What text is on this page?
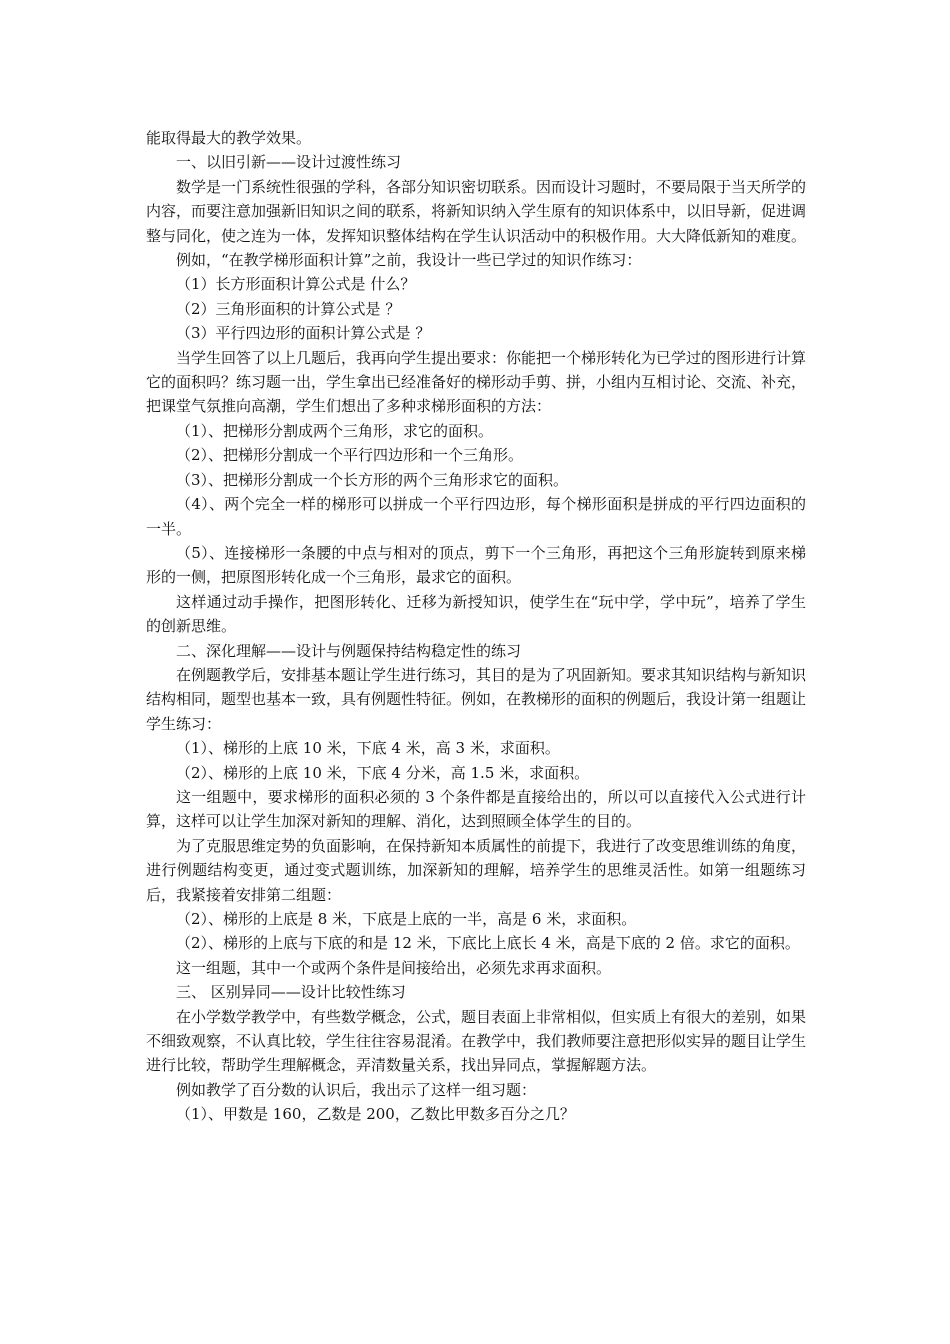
能取得最大的教学效果。

一、以旧引新——设计过渡性练习

数学是一门系统性很强的学科，各部分知识密切联系。因而设计习题时，不要局限于当天所学的内容，而要注意加强新旧知识之间的联系，将新知识纳入学生原有的知识体系中，以旧导新，促进调整与同化，使之连为一体，发挥知识整体结构在学生认识活动中的积极作用。大大降低新知的难度。

例如，“在教学梯形面积计算”之前，我设计一些已学过的知识作练习：

（1）长方形面积计算公式是 什么？

（2）三角形面积的计算公式是 ？

（3）平行四边形的面积计算公式是 ？

当学生回答了以上几题后，我再向学生提出要求：你能把一个梯形转化为已学过的图形进行计算它的面积吗？练习题一出，学生拿出已经准备好的梯形动手剪、拼，小组内互相讨论、交流、补充，把课堂气氛推向高潮，学生们想出了多种求梯形面积的方法：

（1）、把梯形分割成两个三角形，求它的面积。

（2）、把梯形分割成一个平行四边形和一个三角形。

（3）、把梯形分割成一个长方形的两个三角形求它的面积。

（4）、两个完全一样的梯形可以拼成一个平行四边形，每个梯形面积是拼成的平行四边面积的一半。

（5）、连接梯形一条腰的中点与相对的顶点，剪下一个三角形，再把这个三角形旋转到原来梯形的一侧，把原图形转化成一个三角形，最求它的面积。

这样通过动手操作，把图形转化、迁移为新授知识，使学生在“玩中学，学中玩”，培养了学生的创新思维。

二、深化理解——设计与例题保持结构稳定性的练习

在例题教学后，安排基本题让学生进行练习，其目的是为了巩固新知。要求其知识结构与新知识结构相同，题型也基本一致，具有例题性特征。例如，在教梯形的面积的例题后，我设计第一组题让学生练习：

（1）、梯形的上底 10 米，下底 4 米，高 3 米，求面积。

（2）、梯形的上底 10 米，下底 4 分米，高 1.5 米，求面积。

这一组题中，要求梯形的面积必须的 3 个条件都是直接给出的，所以可以直接代入公式进行计算，这样可以让学生加深对新知的理解、消化，达到照顾全体学生的目的。

为了克服思维定势的负面影响，在保持新知本质属性的前提下，我进行了改变思维训练的角度，进行例题结构变更，通过变式题训练，加深新知的理解，培养学生的思维灵活性。如第一组题练习后，我紧接着安排第二组题：

（2）、梯形的上底是 8 米，下底是上底的一半，高是 6 米，求面积。

（2）、梯形的上底与下底的和是 12 米，下底比上底长 4 米，高是下底的 2 倍。求它的面积。

这一组题，其中一个或两个条件是间接给出，必须先求再求面积。

三、 区别异同——设计比较性练习

在小学数学教学中，有些数学概念，公式，题目表面上非常相似，但实质上有很大的差别，如果不细致观察，不认真比较，学生往往容易混淆。在教学中，我们教师要注意把形似实异的题目让学生进行比较，帮助学生理解概念，弄清数量关系，找出异同点，掌握解题方法。

例如教学了百分数的认识后，我出示了这样一组习题：

（1）、甲数是 160，乙数是 200，乙数比甲数多百分之几？
